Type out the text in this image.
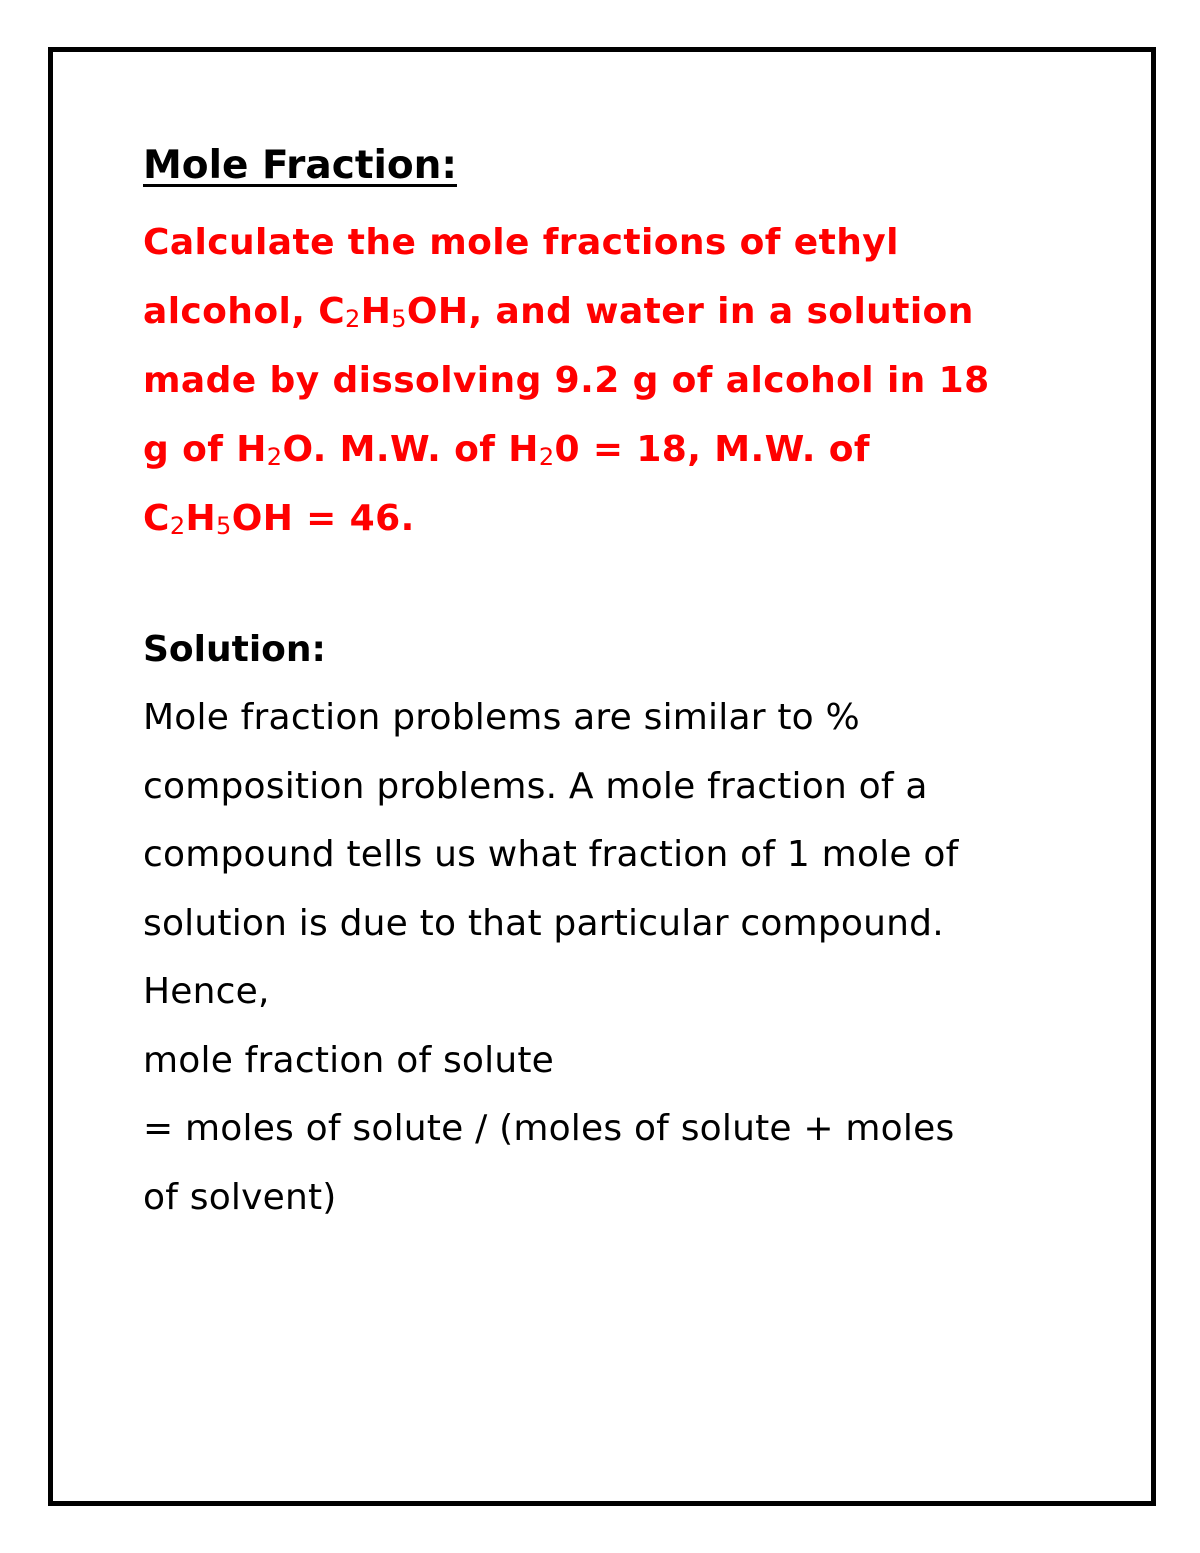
Mole Fraction:
Calculate the mole fractions of ethyl
alcohol, $C_2H_5OH$, and water in a solution
made by dissolving 9.2 g of alcohol in 18
g of $H_2O$. M.W. of $H_20 = 18$, M.W. of
$C_2H_5OH = 46$.
Solution:
Mole fraction problems are similar to %
composition problems. A mole fraction of a
compound tells us what fraction of 1 mole of
solution is due to that particular compound.
Hence,
mole fraction of solute
= moles of solute / (moles of solute + moles
of solvent)
